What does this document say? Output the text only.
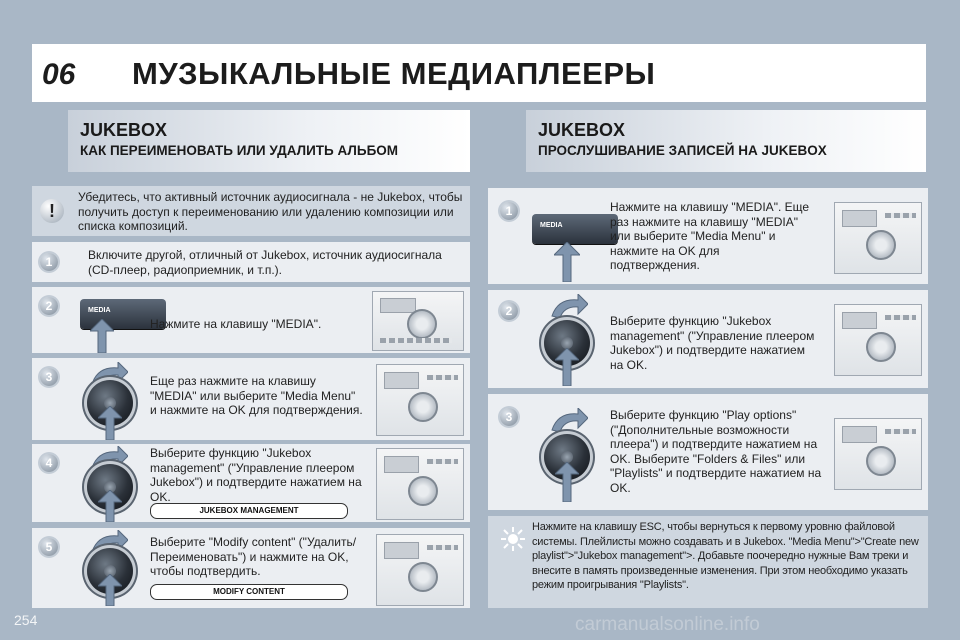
06 МУЗЫКАЛЬНЫЕ МЕДИАПЛЕЕРЫ
JUKEBOX
КАК ПЕРЕИМЕНОВАТЬ ИЛИ УДАЛИТЬ АЛЬБОМ
JUKEBOX
ПРОСЛУШИВАНИЕ ЗАПИСЕЙ НА JUKEBOX
!
Убедитесь, что активный источник аудиосигнала - не Jukebox, чтобы получить доступ к переименованию или удалению композиции или списка композиций.
1	Включите другой, отличный от Jukebox, источник аудиосигнала (CD-плеер, радиоприемник, и т.п.).
2	MEDIA
Нажмите на клавишу "MEDIA".
3	Еще раз нажмите на клавишу "MEDIA" или выберите "Media Menu" и нажмите на OK для подтверждения.
4
Выберите функцию "Jukebox management" ("Управление плеером Jukebox") и подтвердите нажатием на OK.
JUKEBOX MANAGEMENT
5	Выберите "Modify content" ("Удалить/Переименовать") и нажмите на OK, чтобы подтвердить.
MODIFY CONTENT
1
MEDIA
Нажмите на клавишу "MEDIA". Еще раз нажмите на клавишу "MEDIA" или выберите "Media Menu" и нажмите на OK для подтверждения.
2
Выберите функцию "Jukebox management" ("Управление плеером Jukebox") и подтвердите нажатием на OK.
3	Выберите функцию "Play options" ("Дополнительные возможности плеера") и подтвердите нажатием на OK. Выберите "Folders & Files" или "Playlists" и подтвердите нажатием на OK.
Нажмите на клавишу ESC, чтобы вернуться к первому уровню файловой системы. Плейлисты можно создавать и в Jukebox. "Media Menu">"Create new playlist">"Jukebox management">. Добавьте поочередно нужные Вам треки и внесите в память произведенные изменения. При этом необходимо указать режим проигрывания "Playlists".
254	carmanualsonline.info
